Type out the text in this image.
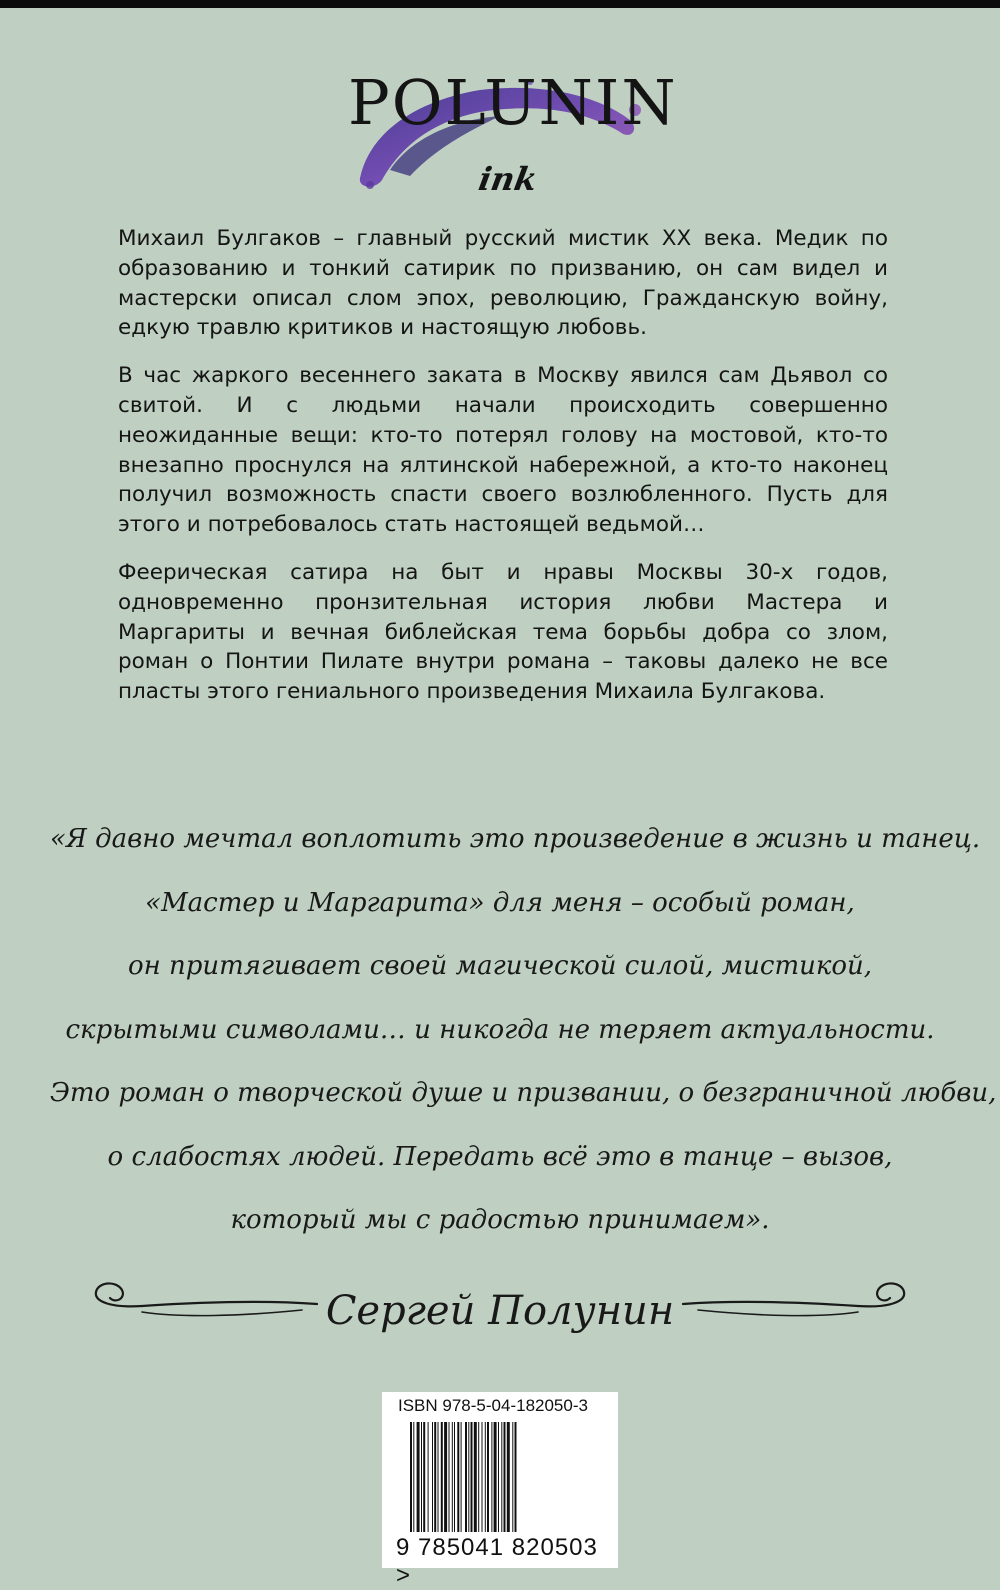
POLUNIN
ink

Михаил Булгаков – главный русский мистик XX века. Медик по образованию и тонкий сатирик по призванию, он сам видел и мастерски описал слом эпох, революцию, Гражданскую войну, едкую травлю критиков и настоящую любовь.

В час жаркого весеннего заката в Москву явился сам Дьявол со свитой. И с людьми начали происходить совершенно неожиданные вещи: кто-то потерял голову на мостовой, кто-то внезапно проснулся на ялтинской набережной, а кто-то наконец получил возможность спасти своего возлюбленного. Пусть для этого и потребовалось стать настоящей ведьмой…

Феерическая сатира на быт и нравы Москвы 30-х годов, одновременно пронзительная история любви Мастера и Маргариты и вечная библейская тема борьбы добра со злом, роман о Понтии Пилате внутри романа – таковы далеко не все пласты этого гениального произведения Михаила Булгакова.

«Я давно мечтал воплотить это произведение в жизнь и танец.
«Мастер и Маргарита» для меня – особый роман,
он притягивает своей магической силой, мистикой,
скрытыми символами… и никогда не теряет актуальности.
Это роман о творческой душе и призвании, о безграничной любви,
о слабостях людей. Передать всё это в танце – вызов,
который мы с радостью принимаем».
Сергей Полунин
ISBN 978-5-04-182050-3
9 785041 820503 >
